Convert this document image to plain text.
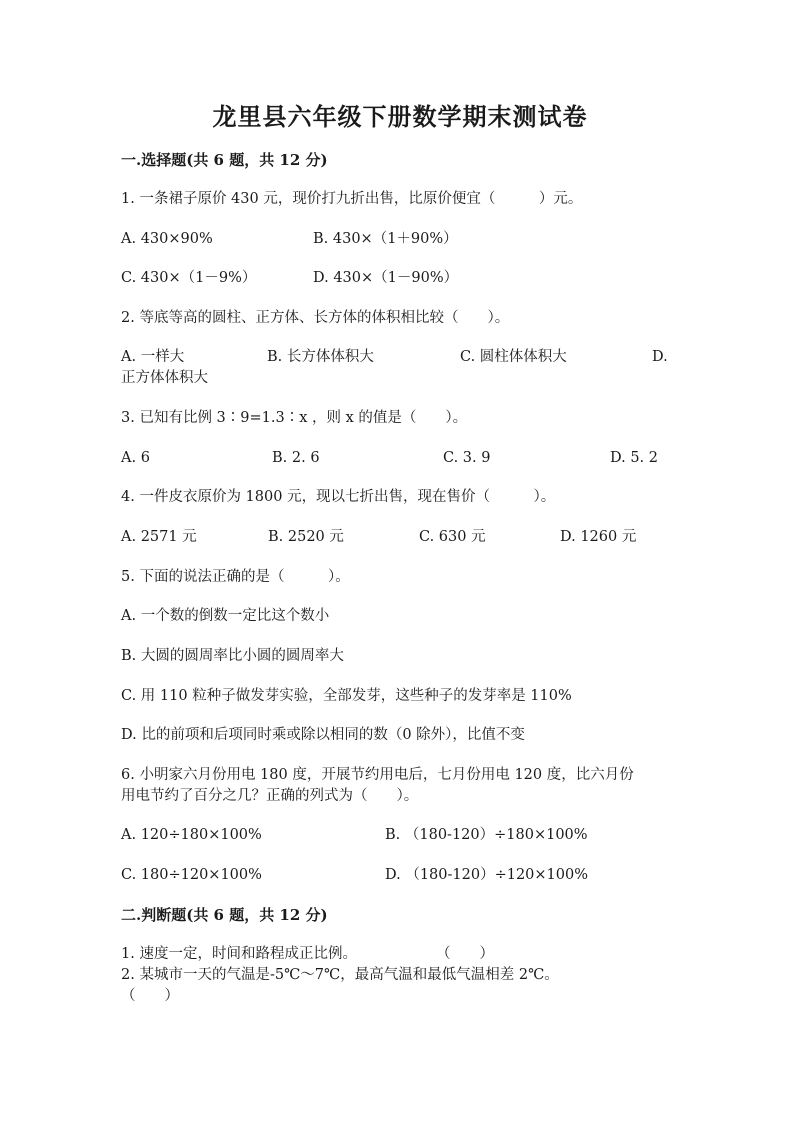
龙里县六年级下册数学期末测试卷
一.选择题(共 6 题，共 12 分)
1. 一条裙子原价 430 元，现价打九折出售，比原价便宜（　　　）元。
A. 430×90%	B. 430×（1＋90%）
C. 430×（1－9%）	D. 430×（1－90%）
2. 等底等高的圆柱、正方体、长方体的体积相比较（　　）。
A. 一样大	B. 长方体体积大	C. 圆柱体体积大	D.
正方体体积大
3. 已知有比例 3∶9=1.3∶x ，则 x 的值是（　　）。
A. 6	B. 2. 6	C. 3. 9	D. 5. 2
4. 一件皮衣原价为 1800 元，现以七折出售，现在售价（　　　）。
A. 2571 元	B. 2520 元	C. 630 元	D. 1260 元
5. 下面的说法正确的是（　　　）。
A. 一个数的倒数一定比这个数小
B. 大圆的圆周率比小圆的圆周率大
C. 用 110 粒种子做发芽实验，全部发芽，这些种子的发芽率是 110%
D. 比的前项和后项同时乘或除以相同的数（0 除外），比值不变
6. 小明家六月份用电 180 度，开展节约用电后，七月份用电 120 度，比六月份
用电节约了百分之几？正确的列式为（　　）。
A. 120÷180×100%	B. （180-120）÷180×100%
C. 180÷120×100%	D. （180-120）÷120×100%
二.判断题(共 6 题，共 12 分)
1. 速度一定，时间和路程成正比例。	（　　）
2. 某城市一天的气温是-5℃～7℃，最高气温和最低气温相差 2℃。
（　　）
